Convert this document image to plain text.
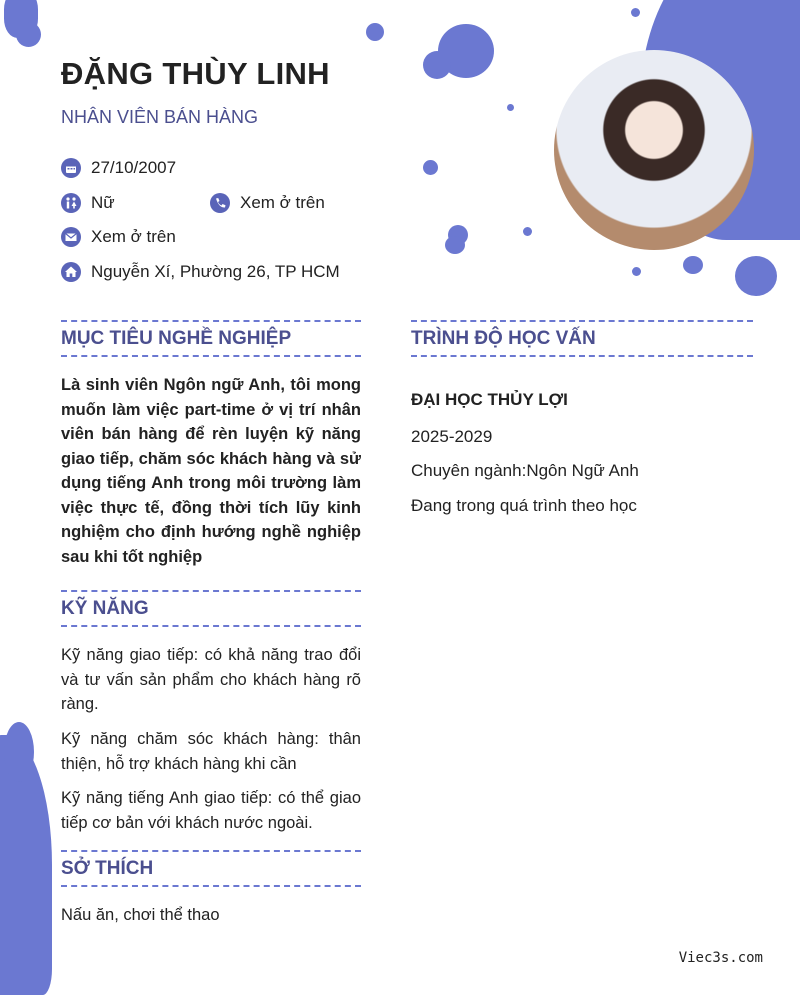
ĐẶNG THÙY LINH
NHÂN VIÊN BÁN HÀNG
27/10/2007
Nữ	Xem ở trên
Xem ở trên
Nguyễn Xí, Phường 26, TP HCM
MỤC TIÊU NGHỀ NGHIỆP
Là sinh viên Ngôn ngữ Anh, tôi mong muốn làm việc part-time ở vị trí nhân viên bán hàng để rèn luyện kỹ năng giao tiếp, chăm sóc khách hàng và sử dụng tiếng Anh trong môi trường làm việc thực tế, đồng thời tích lũy kinh nghiệm cho định hướng nghề nghiệp sau khi tốt nghiệp
KỸ NĂNG
Kỹ năng giao tiếp: có khả năng trao đổi và tư vấn sản phẩm cho khách hàng rõ ràng.
Kỹ năng chăm sóc khách hàng: thân thiện, hỗ trợ khách hàng khi cần
Kỹ năng tiếng Anh giao tiếp: có thể giao tiếp cơ bản với khách nước ngoài.
SỞ THÍCH
Nấu ăn, chơi thể thao
TRÌNH ĐỘ HỌC VẤN
ĐẠI HỌC THỦY LỢI
2025-2029
Chuyên ngành:Ngôn Ngữ Anh
Đang trong quá trình theo học
Viec3s.com
